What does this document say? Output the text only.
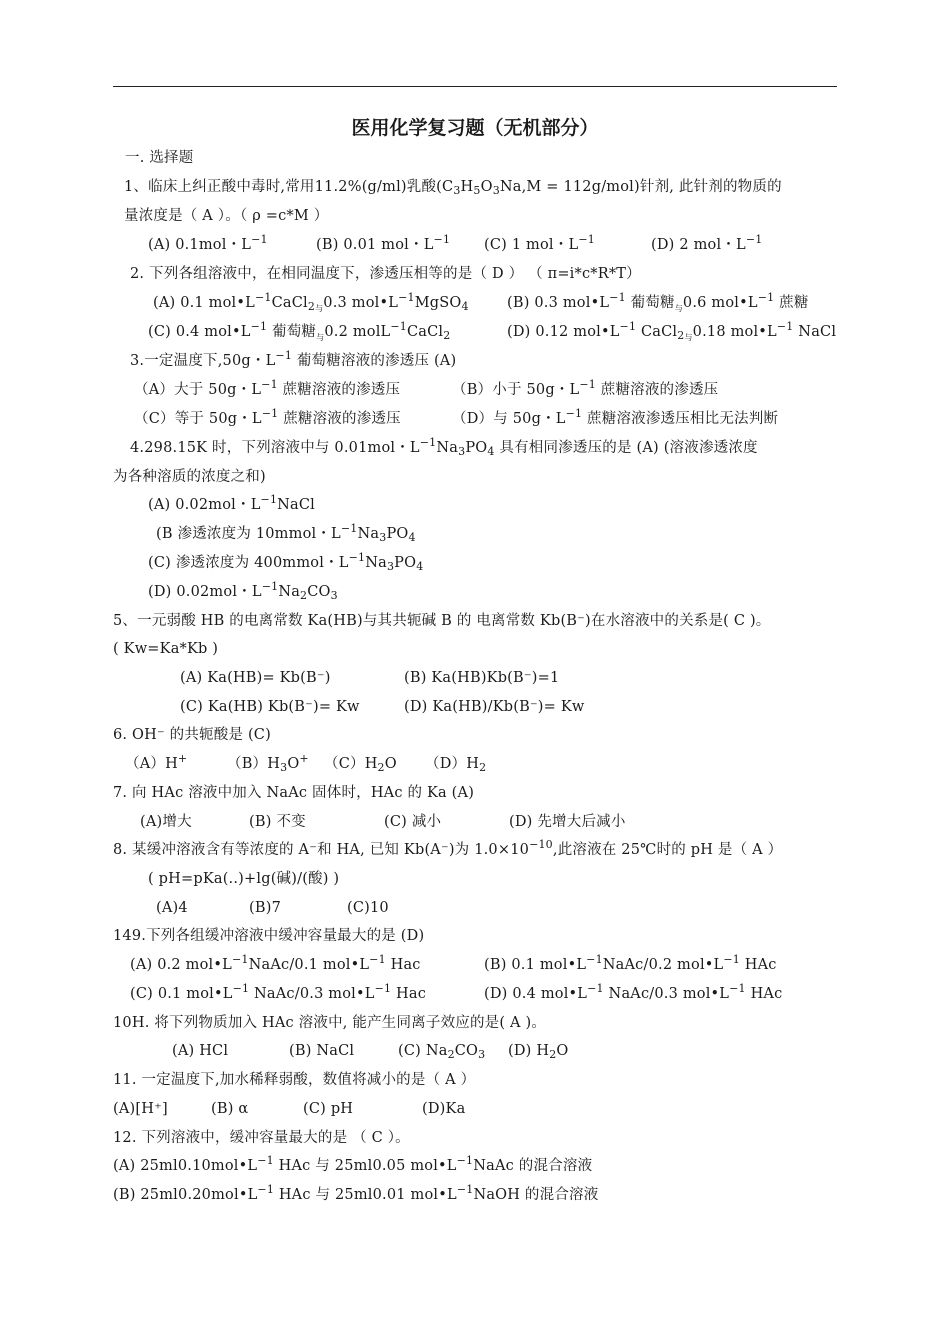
医用化学复习题（无机部分）
一. 选择题
1、临床上纠正酸中毒时,常用11.2%(g/ml)乳酸$(C_3H_5O_3Na,M = 112g/mol)$针剂, 此针剂的物质的
量浓度是（ A ）。（ ρ =c*M ）
(A) 0.1mol・$L^{-1}$	(B) 0.01 mol・$L^{-1}$ (C) 1 mol・$L^{-1}$	(D) 2 mol・$L^{-1}$
2. 下列各组溶液中，在相同温度下，渗透压相等的是（ D ） （ π=i*c*R*T）
(A) 0.1 $mol•L^{-1}CaCl_{2与}0.3$ $mol•L^{-1}MgSO_4$	(B) 0.3 $mol•L^{-1}$ 葡萄糖$_与$0.6 $mol•L^{-1}$ 蔗糖
(C) 0.4 $mol•L^{-1}$ 葡萄糖$_与$0.2 molL$^{-1}$CaCl$_2$	(D) 0.12 $mol•L^{-1}$ CaCl$_{2与}$0.18 $mol•L^{-1}$ NaCl
3.一定温度下,50g・$L^{-1}$ 葡萄糖溶液的渗透压 (A)
（A）大于 50g・$L^{-1}$ 蔗糖溶液的渗透压	（B）小于 50g・$L^{-1}$ 蔗糖溶液的渗透压
（C）等于 50g・$L^{-1}$ 蔗糖溶液的渗透压	（D）与 50g・$L^{-1}$ 蔗糖溶液渗透压相比无法判断
4.298.15K 时，下列溶液中与 0.01mol・$L^{-1}Na_3PO_4$ 具有相同渗透压的是 (A) (溶液渗透浓度
为各种溶质的浓度之和)
(A) 0.02mol・$L^{-1}NaCl$
(B 渗透浓度为 10mmol・$L^{-1}Na_3PO_4$
(C) 渗透浓度为 400mmol・$L^{-1}Na_3PO_4$
(D) 0.02mol・$L^{-1}Na_2CO_3$
5、一元弱酸 HB 的电离常数 Ka(HB)与其共轭碱 B 的 电离常数 Kb(B⁻)在水溶液中的关系是( C )。
( Kw=Ka*Kb )
(A) Ka(HB)= Kb(B⁻)	(B) Ka(HB)Kb(B⁻)=1
(C) Ka(HB) Kb(B⁻)= Kw	(D) Ka(HB)/Kb(B⁻)= Kw
6. OH⁻ 的共轭酸是 (C)
（A）H+	$(B)H_3O^+$ $(C)H_2O$ $(D)H_2$
7. 向 HAc 溶液中加入 NaAc 固体时，HAc 的 Ka (A)
(A)增大	(B) 不变	(C) 减小	(D) 先增大后减小
8. 某缓冲溶液含有等浓度的 A⁻和 HA, 已知 Kb(A⁻)为 $1.0\times 10^{-10}$,此溶液在 25℃时的 pH 是（ A ）
( pH=pKa(..)+lg(碱)/(酸) )
(A)4	(B)7	(C)10
149.下列各组缓冲溶液中缓冲容量最大的是 (D)
(A) 0.2 $mol•L^{-1}NaAc/0.1$ $mol•L^{-1}$ Hac	(B) 0.1 $mol•L^{-1}NaAc/0.2$ $mol•L^{-1}$ HAc
(C) 0.1 $mol•L^{-1}$ NaAc/0.3 $mol•L^{-1}$ Hac	(D) 0.4 $mol•L^{-1}$ NaAc/0.3 $mol•L^{-1}$ HAc
10H. 将下列物质加入 HAc 溶液中, 能产生同离子效应的是( A )。
(A) HCl	(B) NaCl	(C) $Na_2CO_3$ (D) $H_2O$
11. 一定温度下,加水稀释弱酸，数值将减小的是（ A ）
(A)[H⁺]	(B) α	(C) pH	(D)Ka
12. 下列溶液中，缓冲容量最大的是 （ C ）。
(A) $25ml0.10mol•L^{-1}$ HAc 与 25ml0.05 $mol•L^{-1}NaAc$ 的混合溶液
(B) $25ml0.20mol•L^{-1}$ HAc 与 25ml0.01 $mol•L^{-1}NaOH$ 的混合溶液
